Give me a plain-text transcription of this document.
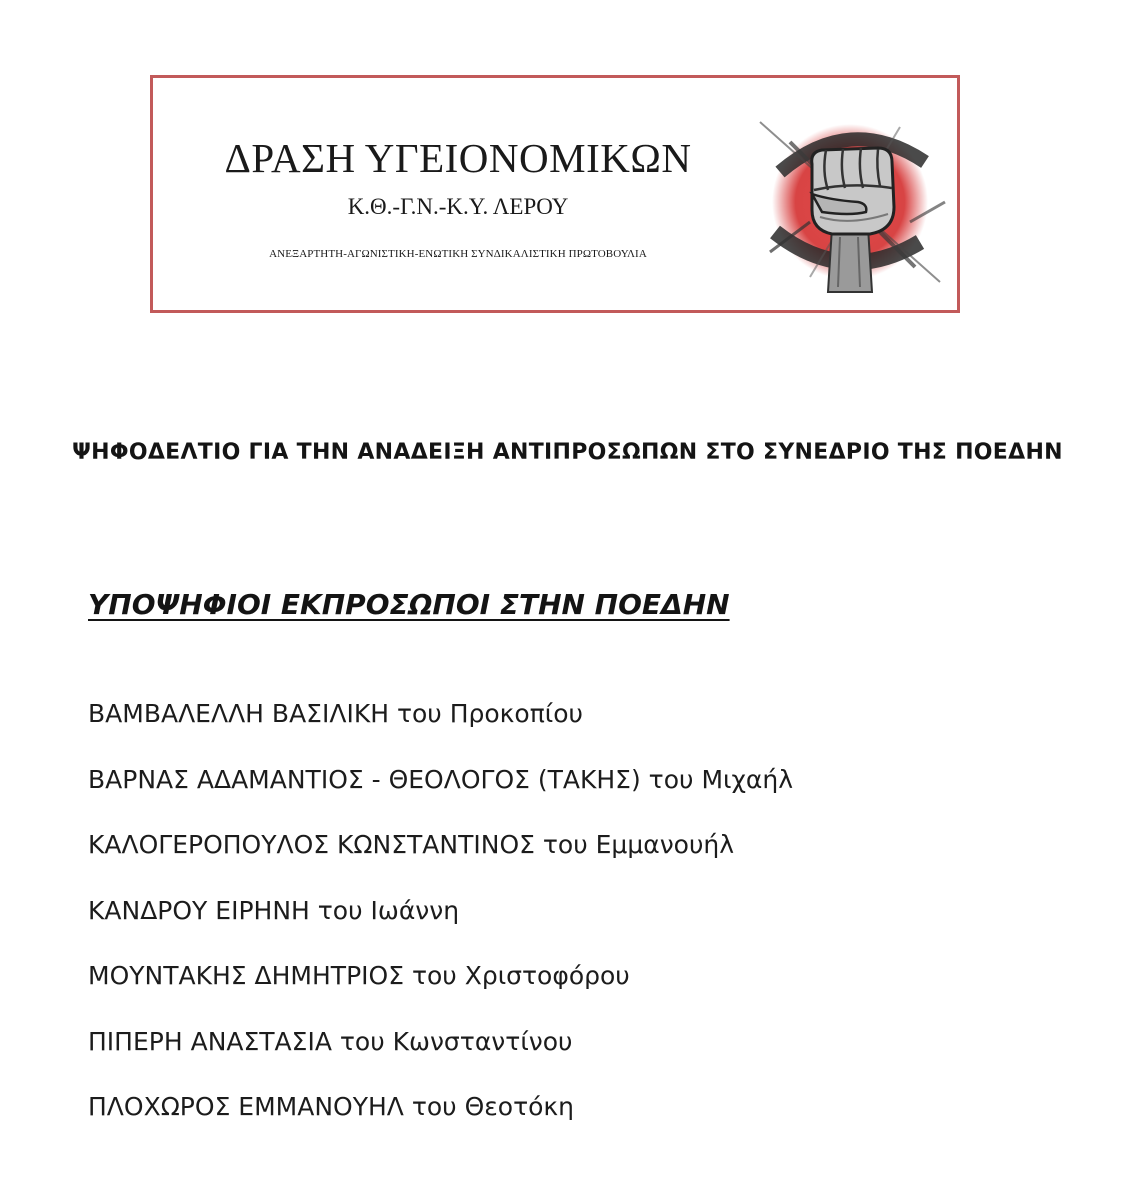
ΔΡΑΣΗ ΥΓΕΙΟΝΟΜΙΚΩΝ
Κ.Θ.-Γ.Ν.-Κ.Υ. ΛΕΡΟΥ
ΑΝΕΞΑΡΤΗΤΗ-ΑΓΩΝΙΣΤΙΚΗ-ΕΝΩΤΙΚΗ ΣΥΝΔΙΚΑΛΙΣΤΙΚΗ ΠΡΩΤΟΒΟΥΛΙΑ
ΨΗΦΟΔΕΛΤΙΟ ΓΙΑ ΤΗΝ ΑΝΑΔΕΙΞΗ ΑΝΤΙΠΡΟΣΩΠΩΝ ΣΤΟ ΣΥΝΕΔΡΙΟ ΤΗΣ ΠΟΕΔΗΝ
ΥΠΟΨΗΦΙΟΙ ΕΚΠΡΟΣΩΠΟΙ ΣΤΗΝ ΠΟΕΔΗΝ
ΒΑΜΒΑΛΕΛΛΗ ΒΑΣΙΛΙΚΗ του Προκοπίου
ΒΑΡΝΑΣ ΑΔΑΜΑΝΤΙΟΣ - ΘΕΟΛΟΓΟΣ (ΤΑΚΗΣ) του Μιχαήλ
ΚΑΛΟΓΕΡΟΠΟΥΛΟΣ ΚΩΝΣΤΑΝΤΙΝΟΣ του Εμμανουήλ
ΚΑΝΔΡΟΥ ΕΙΡΗΝΗ του Ιωάννη
ΜΟΥΝΤΑΚΗΣ ΔΗΜΗΤΡΙΟΣ του Χριστοφόρου
ΠΙΠΕΡΗ ΑΝΑΣΤΑΣΙΑ του Κωνσταντίνου
ΠΛΟΧΩΡΟΣ ΕΜΜΑΝΟΥΗΛ του Θεοτόκη
